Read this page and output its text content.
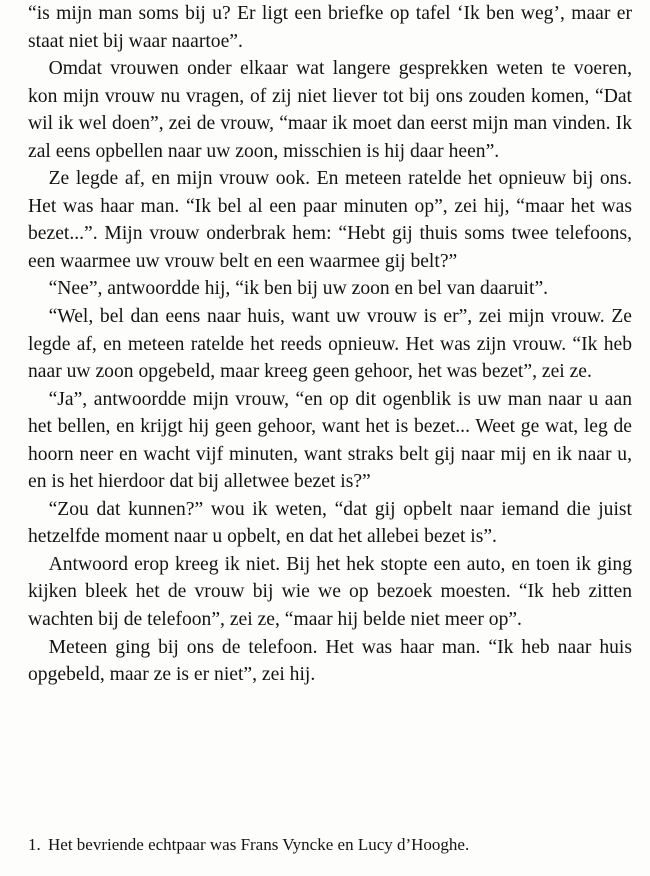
“is mijn man soms bij u? Er ligt een briefke op tafel ‘Ik ben weg’, maar er staat niet bij waar naartoe”.

Omdat vrouwen onder elkaar wat langere gesprekken weten te voeren, kon mijn vrouw nu vragen, of zij niet liever tot bij ons zouden komen, “Dat wil ik wel doen”, zei de vrouw, “maar ik moet dan eerst mijn man vinden. Ik zal eens opbellen naar uw zoon, misschien is hij daar heen”.

Ze legde af, en mijn vrouw ook. En meteen ratelde het opnieuw bij ons. Het was haar man. “Ik bel al een paar minuten op”, zei hij, “maar het was bezet...”. Mijn vrouw onderbrak hem: “Hebt gij thuis soms twee telefoons, een waarmee uw vrouw belt en een waarmee gij belt?”

“Nee”, antwoordde hij, “ik ben bij uw zoon en bel van daaruit”.

“Wel, bel dan eens naar huis, want uw vrouw is er”, zei mijn vrouw. Ze legde af, en meteen ratelde het reeds opnieuw. Het was zijn vrouw. “Ik heb naar uw zoon opgebeld, maar kreeg geen gehoor, het was bezet”, zei ze.

“Ja”, antwoordde mijn vrouw, “en op dit ogenblik is uw man naar u aan het bellen, en krijgt hij geen gehoor, want het is bezet... Weet ge wat, leg de hoorn neer en wacht vijf minuten, want straks belt gij naar mij en ik naar u, en is het hierdoor dat bij alletwee bezet is?”

“Zou dat kunnen?” wou ik weten, “dat gij opbelt naar iemand die juist hetzelfde moment naar u opbelt, en dat het allebei bezet is”.

Antwoord erop kreeg ik niet. Bij het hek stopte een auto, en toen ik ging kijken bleek het de vrouw bij wie we op bezoek moesten. “Ik heb zitten wachten bij de telefoon”, zei ze, “maar hij belde niet meer op”.

Meteen ging bij ons de telefoon. Het was haar man. “Ik heb naar huis opgebeld, maar ze is er niet”, zei hij.

1. Het bevriende echtpaar was Frans Vyncke en Lucy d’Hooghe.
